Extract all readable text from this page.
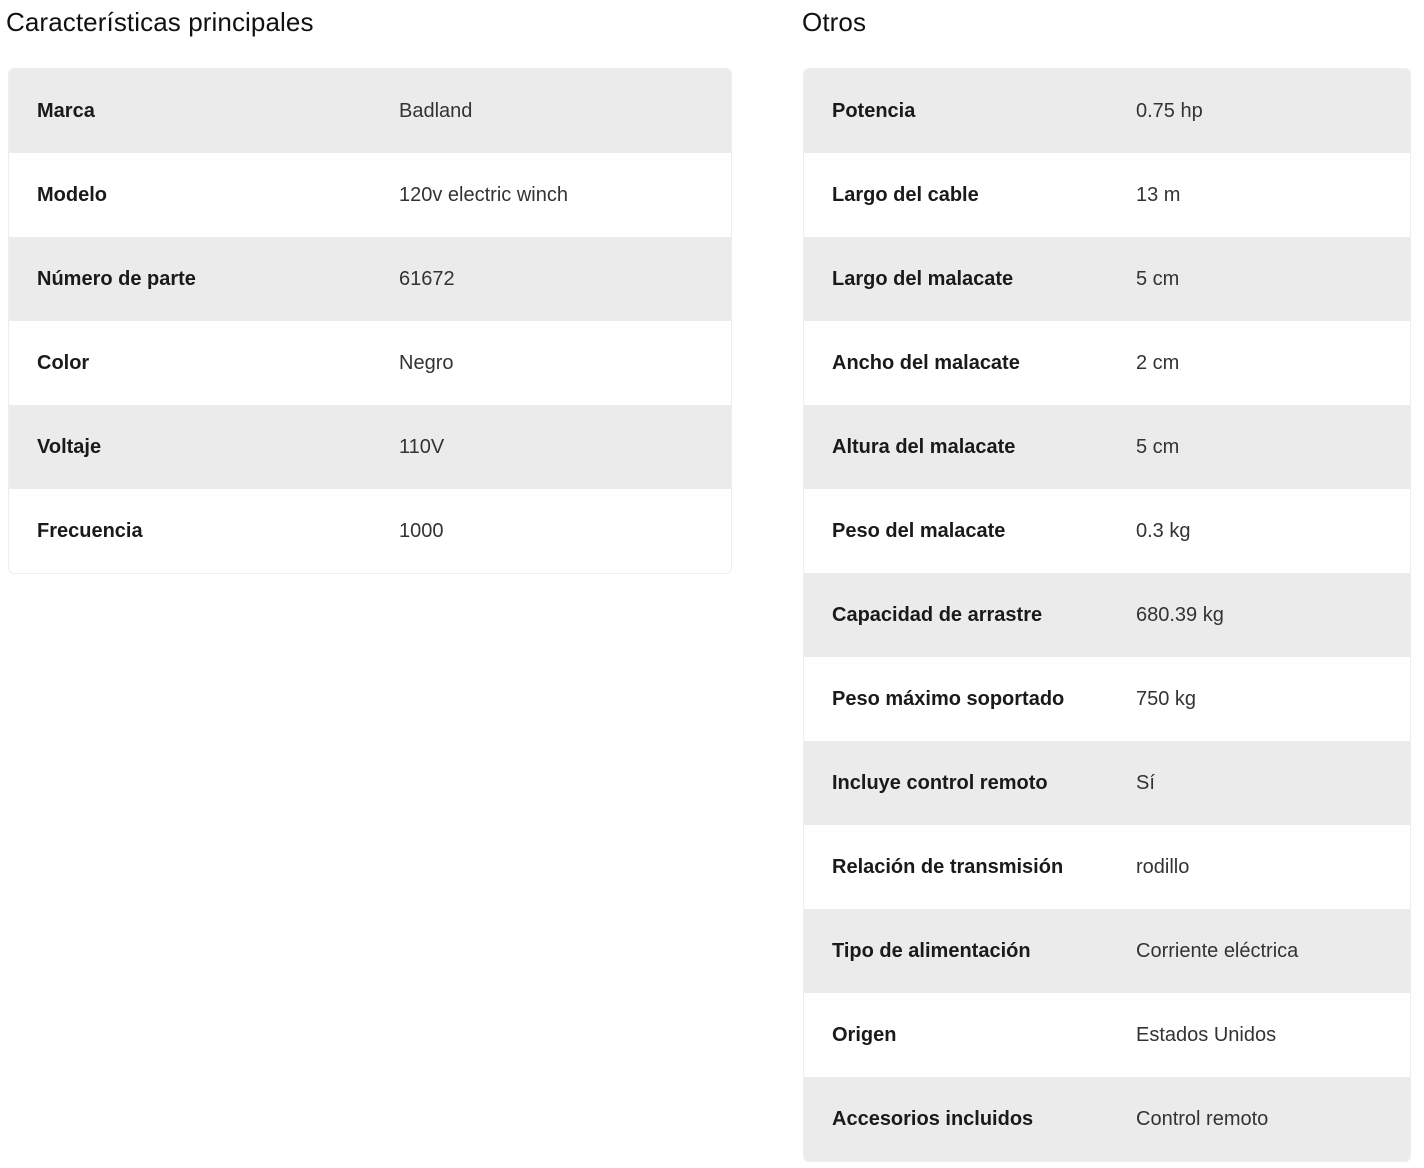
Características principales
Marca	Badland
Modelo	120v electric winch
Número de parte	61672
Color	Negro
Voltaje	110V
Frecuencia	1000
Otros
Potencia	0.75 hp
Largo del cable	13 m
Largo del malacate	5 cm
Ancho del malacate	2 cm
Altura del malacate	5 cm
Peso del malacate	0.3 kg
Capacidad de arrastre	680.39 kg
Peso máximo soportado	750 kg
Incluye control remoto	Sí
Relación de transmisión	rodillo
Tipo de alimentación	Corriente eléctrica
Origen	Estados Unidos
Accesorios incluidos	Control remoto
